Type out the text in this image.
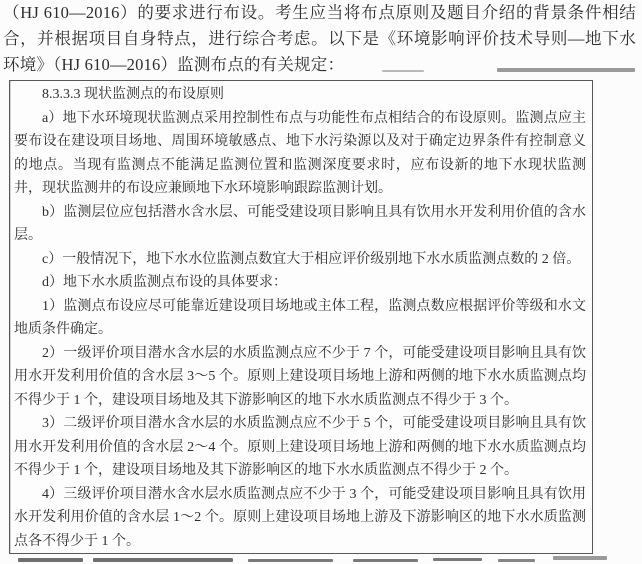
（HJ 610—2016）的要求进行布设。考生应当将布点原则及题目介绍的背景条件相结合，并根据项目自身特点，进行综合考虑。以下是《环境影响评价技术导则—地下水环境》（HJ 610—2016）监测布点的有关规定：

8.3.3.3 现状监测点的布设原则

a）地下水环境现状监测点采用控制性布点与功能性布点相结合的布设原则。监测点应主要布设在建设项目场地、周围环境敏感点、地下水污染源以及对于确定边界条件有控制意义的地点。当现有监测点不能满足监测位置和监测深度要求时，应布设新的地下水现状监测井，现状监测井的布设应兼顾地下水环境影响跟踪监测计划。

b）监测层位应包括潜水含水层、可能受建设项目影响且具有饮用水开发利用价值的含水层。

c）一般情况下，地下水水位监测点数宜大于相应评价级别地下水水质监测点数的 2 倍。

d）地下水水质监测点布设的具体要求：

1）监测点布设应尽可能靠近建设项目场地或主体工程，监测点数应根据评价等级和水文地质条件确定。

2）一级评价项目潜水含水层的水质监测点应不少于 7 个，可能受建设项目影响且具有饮用水开发利用价值的含水层 3～5 个。原则上建设项目场地上游和两侧的地下水水质监测点均不得少于 1 个，建设项目场地及其下游影响区的地下水水质监测点不得少于 3 个。

3）二级评价项目潜水含水层的水质监测点应不少于 5 个，可能受建设项目影响且具有饮用水开发利用价值的含水层 2～4 个。原则上建设项目场地上游和两侧的地下水水质监测点均不得少于 1 个，建设项目场地及其下游影响区的地下水水质监测点不得少于 2 个。

4）三级评价项目潜水含水层水质监测点应不少于 3 个，可能受建设项目影响且具有饮用水开发利用价值的含水层 1～2 个。原则上建设项目场地上游及下游影响区的地下水水质监测点各不得少于 1 个。
